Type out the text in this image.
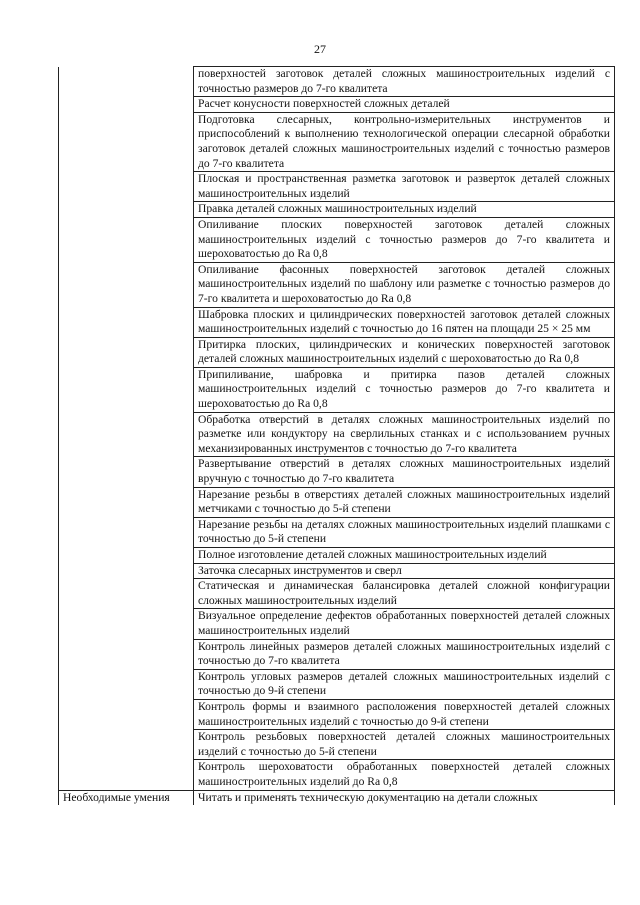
27
	поверхностей заготовок деталей сложных машиностроительных изделий с точностью размеров до 7-го квалитета
	Расчет конусности поверхностей сложных деталей
	Подготовка слесарных, контрольно-измерительных инструментов и приспособлений к выполнению технологической операции слесарной обработки заготовок деталей сложных машиностроительных изделий с точностью размеров до 7-го квалитета
	Плоская и пространственная разметка заготовок и разверток деталей сложных машиностроительных изделий
	Правка деталей сложных машиностроительных изделий
	Опиливание плоских поверхностей заготовок деталей сложных машиностроительных изделий с точностью размеров до 7-го квалитета и шероховатостью до Ra 0,8
	Опиливание фасонных поверхностей заготовок деталей сложных машиностроительных изделий по шаблону или разметке с точностью размеров до 7-го квалитета и шероховатостью до Ra 0,8
	Шабровка плоских и цилиндрических поверхностей заготовок деталей сложных машиностроительных изделий с точностью до 16 пятен на площади 25 × 25 мм
	Притирка плоских, цилиндрических и конических поверхностей заготовок деталей сложных машиностроительных изделий с шероховатостью до Ra 0,8
	Припиливание, шабровка и притирка пазов деталей сложных машиностроительных изделий с точностью размеров до 7-го квалитета и шероховатостью до Ra 0,8
	Обработка отверстий в деталях сложных машиностроительных изделий по разметке или кондуктору на сверлильных станках и с использованием ручных механизированных инструментов с точностью до 7-го квалитета
	Развертывание отверстий в деталях сложных машиностроительных изделий вручную с точностью до 7-го квалитета
	Нарезание резьбы в отверстиях деталей сложных машиностроительных изделий метчиками с точностью до 5-й степени
	Нарезание резьбы на деталях сложных машиностроительных изделий плашками с точностью до 5-й степени
	Полное изготовление деталей сложных машиностроительных изделий
	Заточка слесарных инструментов и сверл
	Статическая и динамическая балансировка деталей сложной конфигурации сложных машиностроительных изделий
	Визуальное определение дефектов обработанных поверхностей деталей сложных машиностроительных изделий
	Контроль линейных размеров деталей сложных машиностроительных изделий с точностью до 7-го квалитета
	Контроль угловых размеров деталей сложных машиностроительных изделий с точностью до 9-й степени
	Контроль формы и взаимного расположения поверхностей деталей сложных машиностроительных изделий с точностью до 9-й степени
	Контроль резьбовых поверхностей деталей сложных машиностроительных изделий с точностью до 5-й степени
	Контроль шероховатости обработанных поверхностей деталей сложных машиностроительных изделий до Ra 0,8
Необходимые умения	Читать и применять техническую документацию на детали сложных
